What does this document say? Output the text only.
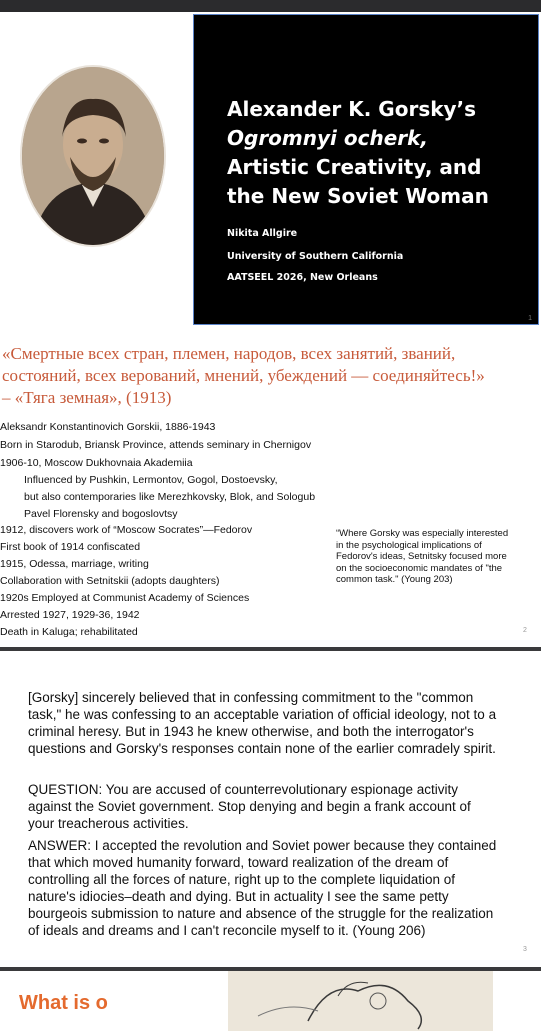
Alexander K. Gorsky’s
Ogromnyi ocherk,
Artistic Creativity, and
the New Soviet Woman
Nikita Allgire
University of Southern California
AATSEEL 2026, New Orleans
1
«Смертные всех стран, племен, народов, всех занятий, званий,
состояний, всех верований, мнений, убеждений — соединяйтесь!»
– «Тяга земная», (1913)
Aleksandr Konstantinovich Gorskii, 1886-1943
Born in Starodub, Briansk Province, attends seminary in Chernigov
1906-10, Moscow Dukhovnaia Akademiia
Influenced by Pushkin, Lermontov, Gogol, Dostoevsky,
but also contemporaries like Merezhkovsky, Blok, and Sologub
Pavel Florensky and bogoslovtsy
1912, discovers work of “Moscow Socrates”—Fedorov
First book of 1914 confiscated
1915, Odessa, marriage, writing
Collaboration with Setnitskii (adopts daughters)
1920s Employed at Communist Academy of Sciences
Arrested 1927, 1929-36, 1942
Death in Kaluga; rehabilitated
“Where Gorsky was especially interested in the psychological implications of Fedorov's ideas, Setnitsky focused more on the socioeconomic mandates of "the common task." (Young 203)
2
[Gorsky] sincerely believed that in confessing commitment to the "common task," he was confessing to an acceptable variation of official ideology, not to a criminal heresy. But in 1943 he knew otherwise, and both the interrogator's questions and Gorsky's responses contain none of the earlier comradely spirit.
QUESTION: You are accused of counterrevolutionary espionage activity against the Soviet government. Stop denying and begin a frank account of your treacherous activities.
ANSWER: I accepted the revolution and Soviet power because they contained that which moved humanity forward, toward realization of the dream of controlling all the forces of nature, right up to the complete liquidation of nature's idiocies–death and dying. But in actuality I see the same petty bourgeois submission to nature and absence of the struggle for the realization of ideals and dreams and I can't reconcile myself to it. (Young 206)
3
What is o
